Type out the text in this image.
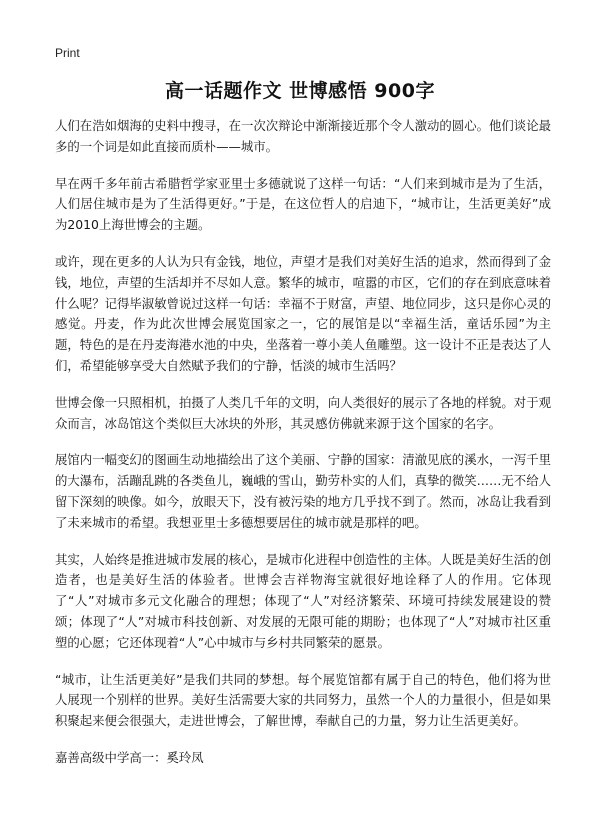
Print
高一话题作文 世博感悟 900字

人们在浩如烟海的史料中搜寻，在一次次辩论中渐渐接近那个令人激动的圆心。他们谈论最多的一个词是如此直接而质朴——城市。

早在两千多年前古希腊哲学家亚里士多德就说了这样一句话：“人们来到城市是为了生活，人们居住城市是为了生活得更好。”于是，在这位哲人的启迪下，“城市让，生活更美好”成为2010上海世博会的主题。

或许，现在更多的人认为只有金钱，地位，声望才是我们对美好生活的追求，然而得到了金钱，地位，声望的生活却并不尽如人意。繁华的城市，喧嚣的市区，它们的存在到底意味着什么呢？记得毕淑敏曾说过这样一句话：幸福不于财富，声望、地位同步，这只是你心灵的感觉。丹麦，作为此次世博会展览国家之一，它的展馆是以“幸福生活，童话乐园”为主题，特色的是在丹麦海港水池的中央，坐落着一尊小美人鱼雕塑。这一设计不正是表达了人们，希望能够享受大自然赋予我们的宁静，恬淡的城市生活吗？

世博会像一只照相机，拍摄了人类几千年的文明，向人类很好的展示了各地的样貌。对于观众而言，冰岛馆这个类似巨大冰块的外形，其灵感仿佛就来源于这个国家的名字。

展馆内一幅变幻的图画生动地描绘出了这个美丽、宁静的国家：清澈见底的溪水，一泻千里的大瀑布，活蹦乱跳的各类鱼儿，巍峨的雪山，勤劳朴实的人们，真挚的微笑……无不给人留下深刻的映像。如今，放眼天下，没有被污染的地方几乎找不到了。然而，冰岛让我看到了未来城市的希望。我想亚里士多德想要居住的城市就是那样的吧。

其实，人始终是推进城市发展的核心，是城市化进程中创造性的主体。人既是美好生活的创造者，也是美好生活的体验者。世博会吉祥物海宝就很好地诠释了人的作用。它体现了“人”对城市多元文化融合的理想；体现了“人”对经济繁荣、环境可持续发展建设的赞颂；体现了“人”对城市科技创新、对发展的无限可能的期盼；也体现了“人”对城市社区重塑的心愿；它还体现着“人”心中城市与乡村共同繁荣的愿景。

“城市，让生活更美好”是我们共同的梦想。每个展览馆都有属于自己的特色，他们将为世人展现一个别样的世界。美好生活需要大家的共同努力，虽然一个人的力量很小，但是如果积聚起来便会很强大，走进世博会，了解世博，奉献自己的力量，努力让生活更美好。

嘉善高级中学高一：奚玲凤
